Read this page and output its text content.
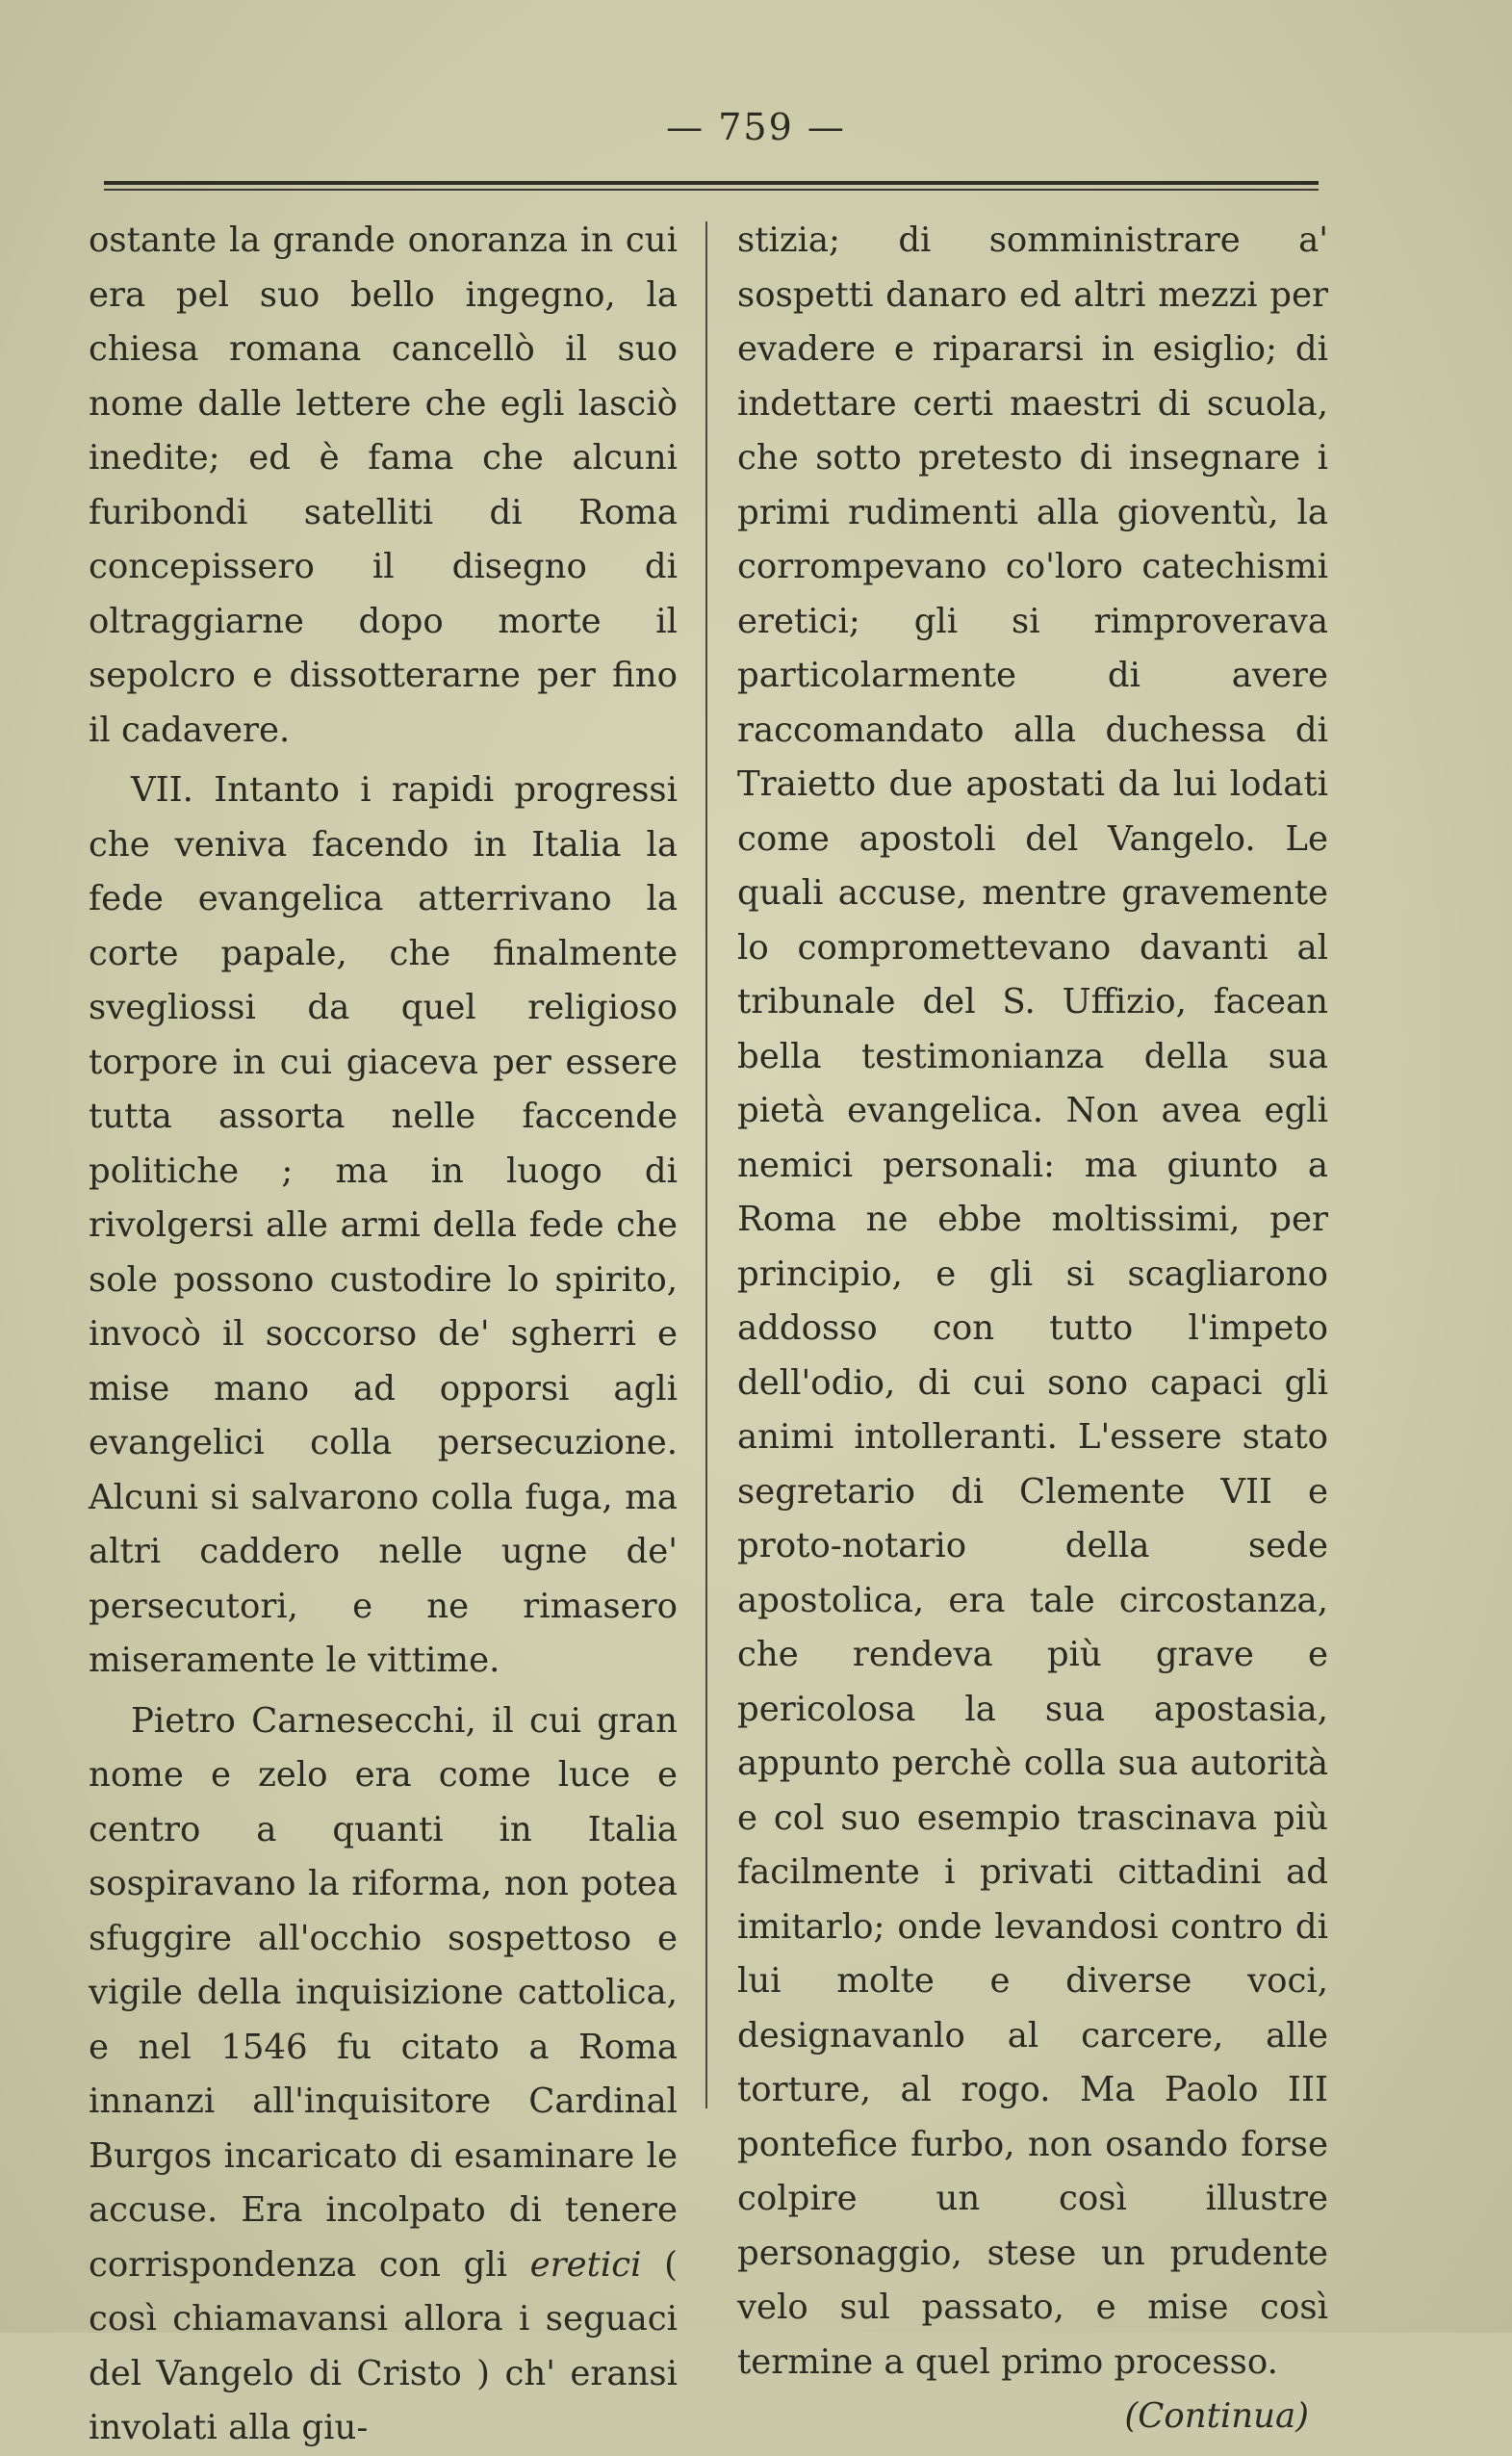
— 759 —

ostante la grande onoranza in cui era pel suo bello ingegno, la chiesa romana cancellò il suo nome dalle lettere che egli lasciò inedite; ed è fama che alcuni furibondi satelliti di Roma concepissero il disegno di oltraggiarne dopo morte il sepolcro e dissotterarne per fino il cadavere.

VII. Intanto i rapidi progressi che veniva facendo in Italia la fede evangelica atterrivano la corte papale, che finalmente svegliossi da quel religioso torpore in cui giaceva per essere tutta assorta nelle faccende politiche ; ma in luogo di rivolgersi alle armi della fede che sole possono custodire lo spirito, invocò il soccorso de' sgherri e mise mano ad opporsi agli evangelici colla persecuzione. Alcuni si salvarono colla fuga, ma altri caddero nelle ugne de' persecutori, e ne rimasero miseramente le vittime.

Pietro Carnesecchi, il cui gran nome e zelo era come luce e centro a quanti in Italia sospiravano la riforma, non potea sfuggire all'occhio sospettoso e vigile della inquisizione cattolica, e nel 1546 fu citato a Roma innanzi all'inquisitore Cardinal Burgos incaricato di esaminare le accuse. Era incolpato di tenere corrispondenza con gli eretici ( così chiamavansi allora i seguaci del Vangelo di Cristo ) ch' eransi involati alla giu-

stizia; di somministrare a' sospetti danaro ed altri mezzi per evadere e ripararsi in esiglio; di indettare certi maestri di scuola, che sotto pretesto di insegnare i primi rudimenti alla gioventù, la corrompevano co'loro catechismi eretici; gli si rimproverava particolarmente di avere raccomandato alla duchessa di Traietto due apostati da lui lodati come apostoli del Vangelo. Le quali accuse, mentre gravemente lo compromettevano davanti al tribunale del S. Uffizio, facean bella testimonianza della sua pietà evangelica. Non avea egli nemici personali: ma giunto a Roma ne ebbe moltissimi, per principio, e gli si scagliarono addosso con tutto l'impeto dell'odio, di cui sono capaci gli animi intolleranti. L'essere stato segretario di Clemente VII e proto-notario della sede apostolica, era tale circostanza, che rendeva più grave e pericolosa la sua apostasia, appunto perchè colla sua autorità e col suo esempio trascinava più facilmente i privati cittadini ad imitarlo; onde levandosi contro di lui molte e diverse voci, designavanlo al carcere, alle torture, al rogo. Ma Paolo III pontefice furbo, non osando forse colpire un così illustre personaggio, stese un prudente velo sul passato, e mise così termine a quel primo processo.

(Continua)
